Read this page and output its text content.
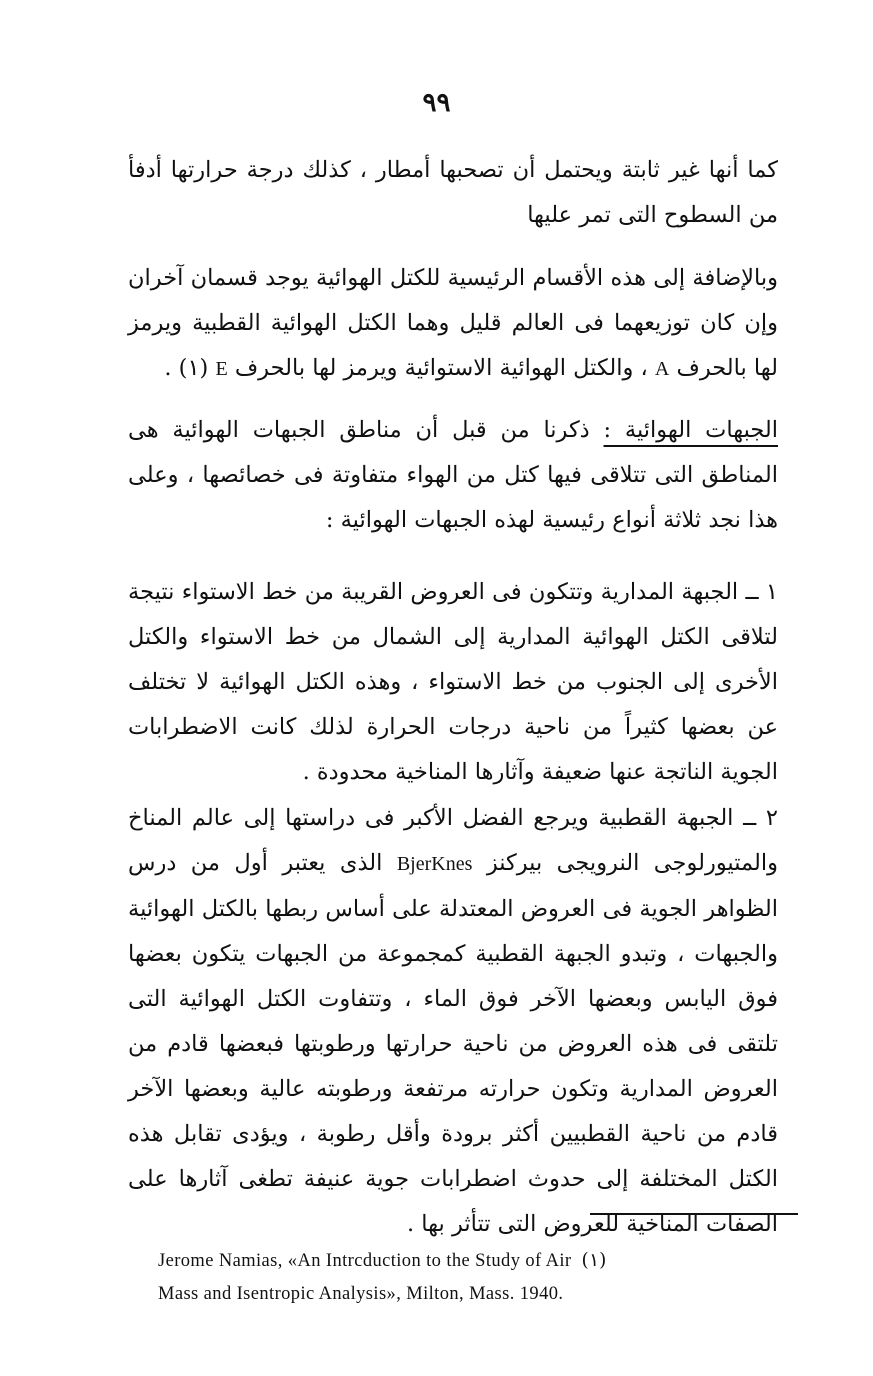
٩٩

كما أنها غير ثابتة ويحتمل أن تصحبها أمطار ، كذلك درجة حرارتها أدفأ من السطوح التى تمر عليها

وبالإضافة إلى هذه الأقسام الرئيسية للكتل الهوائية يوجد قسمان آخران وإن كان توزيعهما فى العالم قليل وهما الكتل الهوائية القطبية ويرمز لها بالحرف A ، والكتل الهوائية الاستوائية ويرمز لها بالحرف E (١) .

الجبهات الهوائية : ذكرنا من قبل أن مناطق الجبهات الهوائية هى المناطق التى تتلاقى فيها كتل من الهواء متفاوتة فى خصائصها ، وعلى هذا نجد ثلاثة أنواع رئيسية لهذه الجبهات الهوائية :

١ ــ الجبهة المدارية وتتكون فى العروض القريبة من خط الاستواء نتيجة لتلاقى الكتل الهوائية المدارية إلى الشمال من خط الاستواء والكتل الأخرى إلى الجنوب من خط الاستواء ، وهذه الكتل الهوائية لا تختلف عن بعضها كثيراً من ناحية درجات الحرارة لذلك كانت الاضطرابات الجوية الناتجة عنها ضعيفة وآثارها المناخية محدودة .

٢ ــ الجبهة القطبية ويرجع الفضل الأكبر فى دراستها إلى عالم المناخ والمتيورلوجى النرويجى بيركنز BjerKnes الذى يعتبر أول من درس الظواهر الجوية فى العروض المعتدلة على أساس ربطها بالكتل الهوائية والجبهات ، وتبدو الجبهة القطبية كمجموعة من الجبهات يتكون بعضها فوق اليابس وبعضها الآخر فوق الماء ، وتتفاوت الكتل الهوائية التى تلتقى فى هذه العروض من ناحية حرارتها ورطوبتها فبعضها قادم من العروض المدارية وتكون حرارته مرتفعة ورطوبته عالية وبعضها الآخر قادم من ناحية القطبيين أكثر برودة وأقل رطوبة ، ويؤدى تقابل هذه الكتل المختلفة إلى حدوث اضطرابات جوية عنيفة تطغى آثارها على الصفات المناخية للعروض التى تتأثر بها .

Jerome Namias, «An Intrcduction to the Study of Air (١)
Mass and Isentropic Analysis», Milton, Mass. 1940.
